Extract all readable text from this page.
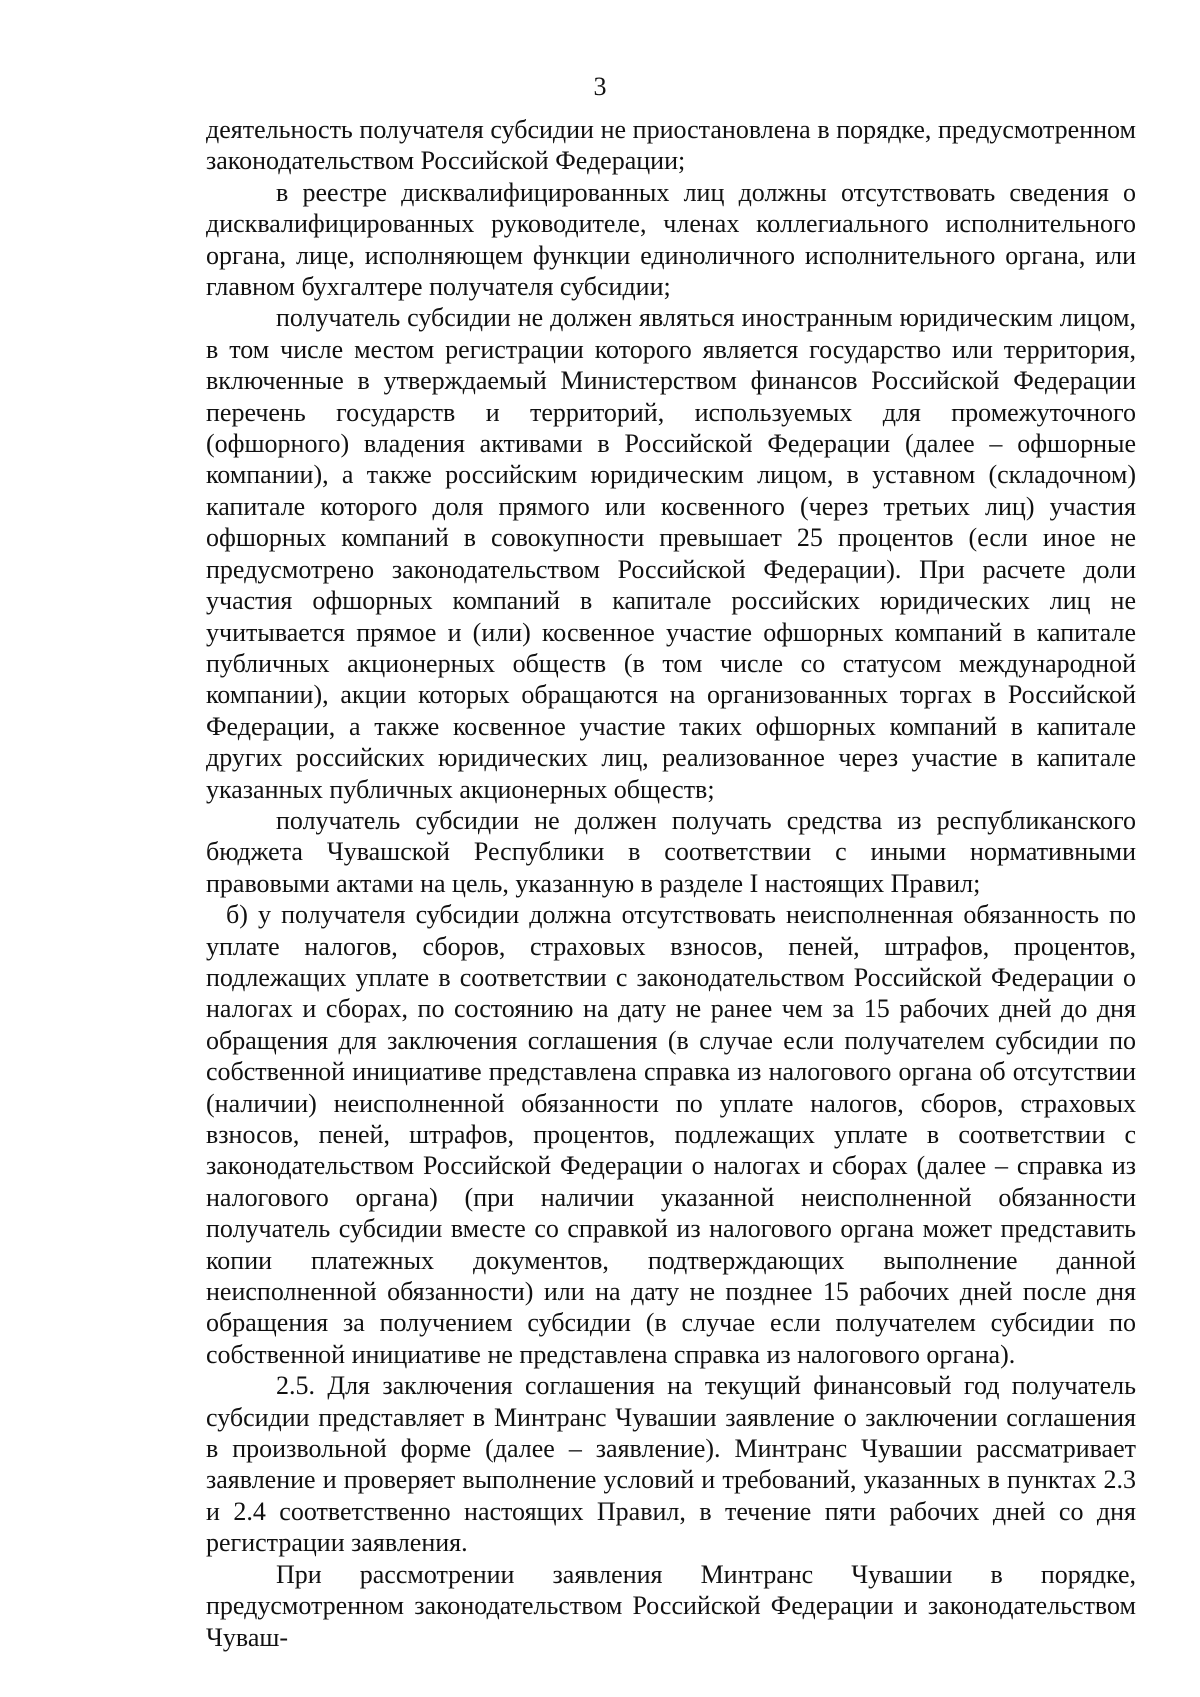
3

деятельность получателя субсидии не приостановлена в порядке, предусмотренном законодательством Российской Федерации;

в реестре дисквалифицированных лиц должны отсутствовать сведения о дисквалифицированных руководителе, членах коллегиального исполнительного органа, лице, исполняющем функции единоличного исполнительного органа, или главном бухгалтере получателя субсидии;

получатель субсидии не должен являться иностранным юридическим лицом, в том числе местом регистрации которого является государство или территория, включенные в утверждаемый Министерством финансов Российской Федерации перечень государств и территорий, используемых для промежуточного (офшорного) владения активами в Российской Федерации (далее – офшорные компании), а также российским юридическим лицом, в уставном (складочном) капитале которого доля прямого или косвенного (через третьих лиц) участия офшорных компаний в совокупности превышает 25 процентов (если иное не предусмотрено законодательством Российской Федерации). При расчете доли участия офшорных компаний в капитале российских юридических лиц не учитывается прямое и (или) косвенное участие офшорных компаний в капитале публичных акционерных обществ (в том числе со статусом международной компании), акции которых обращаются на организованных торгах в Российской Федерации, а также косвенное участие таких офшорных компаний в капитале других российских юридических лиц, реализованное через участие в капитале указанных публичных акционерных обществ;

получатель субсидии не должен получать средства из республиканского бюджета Чувашской Республики в соответствии с иными нормативными правовыми актами на цель, указанную в разделе I настоящих Правил;

б) у получателя субсидии должна отсутствовать неисполненная обязанность по уплате налогов, сборов, страховых взносов, пеней, штрафов, процентов, подлежащих уплате в соответствии с законодательством Российской Федерации о налогах и сборах, по состоянию на дату не ранее чем за 15 рабочих дней до дня обращения для заключения соглашения (в случае если получателем субсидии по собственной инициативе представлена справка из налогового органа об отсутствии (наличии) неисполненной обязанности по уплате налогов, сборов, страховых взносов, пеней, штрафов, процентов, подлежащих уплате в соответствии с законодательством Российской Федерации о налогах и сборах (далее – справка из налогового органа) (при наличии указанной неисполненной обязанности получатель субсидии вместе со справкой из налогового органа может представить копии платежных документов, подтверждающих выполнение данной неисполненной обязанности) или на дату не позднее 15 рабочих дней после дня обращения за получением субсидии (в случае если получателем субсидии по собственной инициативе не представлена справка из налогового органа).

2.5. Для заключения соглашения на текущий финансовый год получатель субсидии представляет в Минтранс Чувашии заявление о заключении соглашения в произвольной форме (далее – заявление). Минтранс Чувашии рассматривает заявление и проверяет выполнение условий и требований, указанных в пунктах 2.3 и 2.4 соответственно настоящих Правил, в течение пяти рабочих дней со дня регистрации заявления.

При рассмотрении заявления Минтранс Чувашии в порядке, предусмотренном законодательством Российской Федерации и законодательством Чуваш-
